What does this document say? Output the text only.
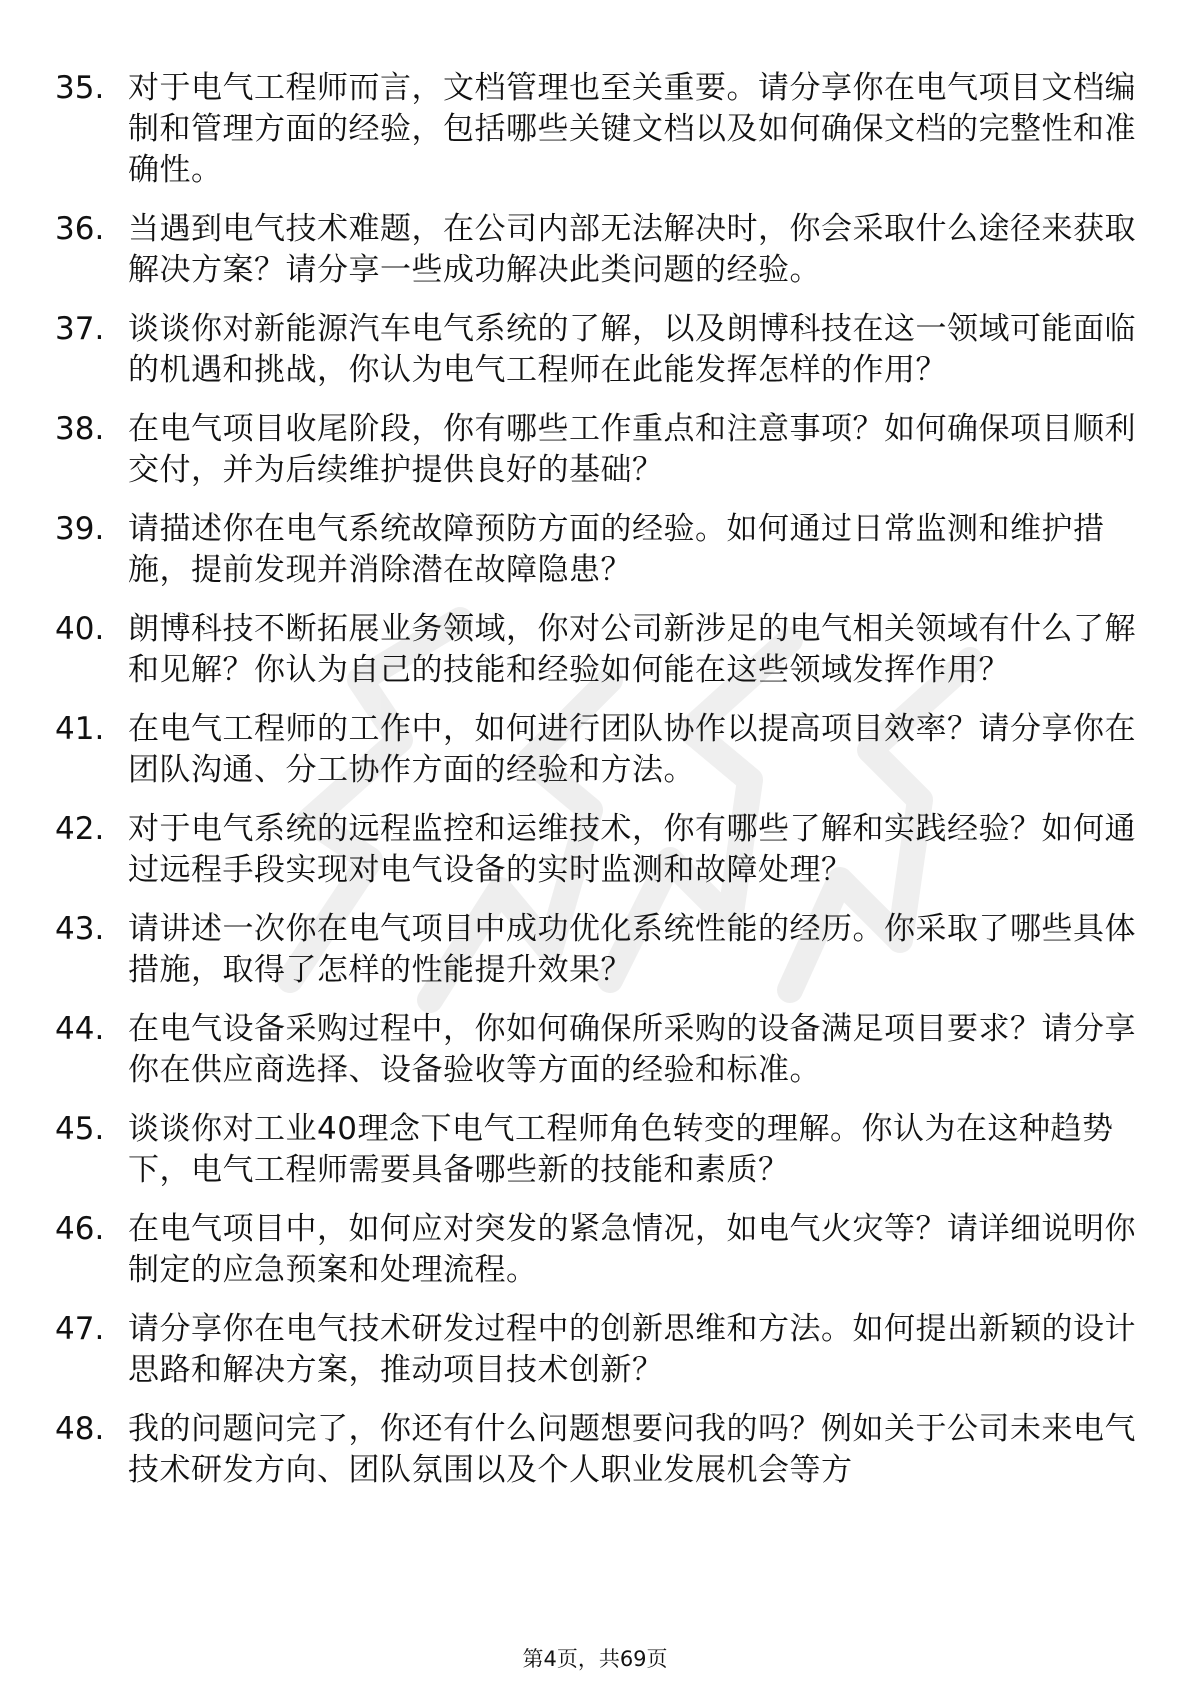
35. 对于电气工程师而言，文档管理也至关重要。请分享你在电气项目文档编制和管理方面的经验，包括哪些关键文档以及如何确保文档的完整性和准确性。
36. 当遇到电气技术难题，在公司内部无法解决时，你会采取什么途径来获取解决方案？请分享一些成功解决此类问题的经验。
37. 谈谈你对新能源汽车电气系统的了解，以及朗博科技在这一领域可能面临的机遇和挑战，你认为电气工程师在此能发挥怎样的作用？
38. 在电气项目收尾阶段，你有哪些工作重点和注意事项？如何确保项目顺利交付，并为后续维护提供良好的基础？
39. 请描述你在电气系统故障预防方面的经验。如何通过日常监测和维护措施，提前发现并消除潜在故障隐患？
40. 朗博科技不断拓展业务领域，你对公司新涉足的电气相关领域有什么了解和见解？你认为自己的技能和经验如何能在这些领域发挥作用？
41. 在电气工程师的工作中，如何进行团队协作以提高项目效率？请分享你在团队沟通、分工协作方面的经验和方法。
42. 对于电气系统的远程监控和运维技术，你有哪些了解和实践经验？如何通过远程手段实现对电气设备的实时监测和故障处理？
43. 请讲述一次你在电气项目中成功优化系统性能的经历。你采取了哪些具体措施，取得了怎样的性能提升效果？
44. 在电气设备采购过程中，你如何确保所采购的设备满足项目要求？请分享你在供应商选择、设备验收等方面的经验和标准。
45. 谈谈你对工业40理念下电气工程师角色转变的理解。你认为在这种趋势下，电气工程师需要具备哪些新的技能和素质？
46. 在电气项目中，如何应对突发的紧急情况，如电气火灾等？请详细说明你制定的应急预案和处理流程。
47. 请分享你在电气技术研发过程中的创新思维和方法。如何提出新颖的设计思路和解决方案，推动项目技术创新？
48. 我的问题问完了，你还有什么问题想要问我的吗？例如关于公司未来电气技术研发方向、团队氛围以及个人职业发展机会等方
第4页，共69页
